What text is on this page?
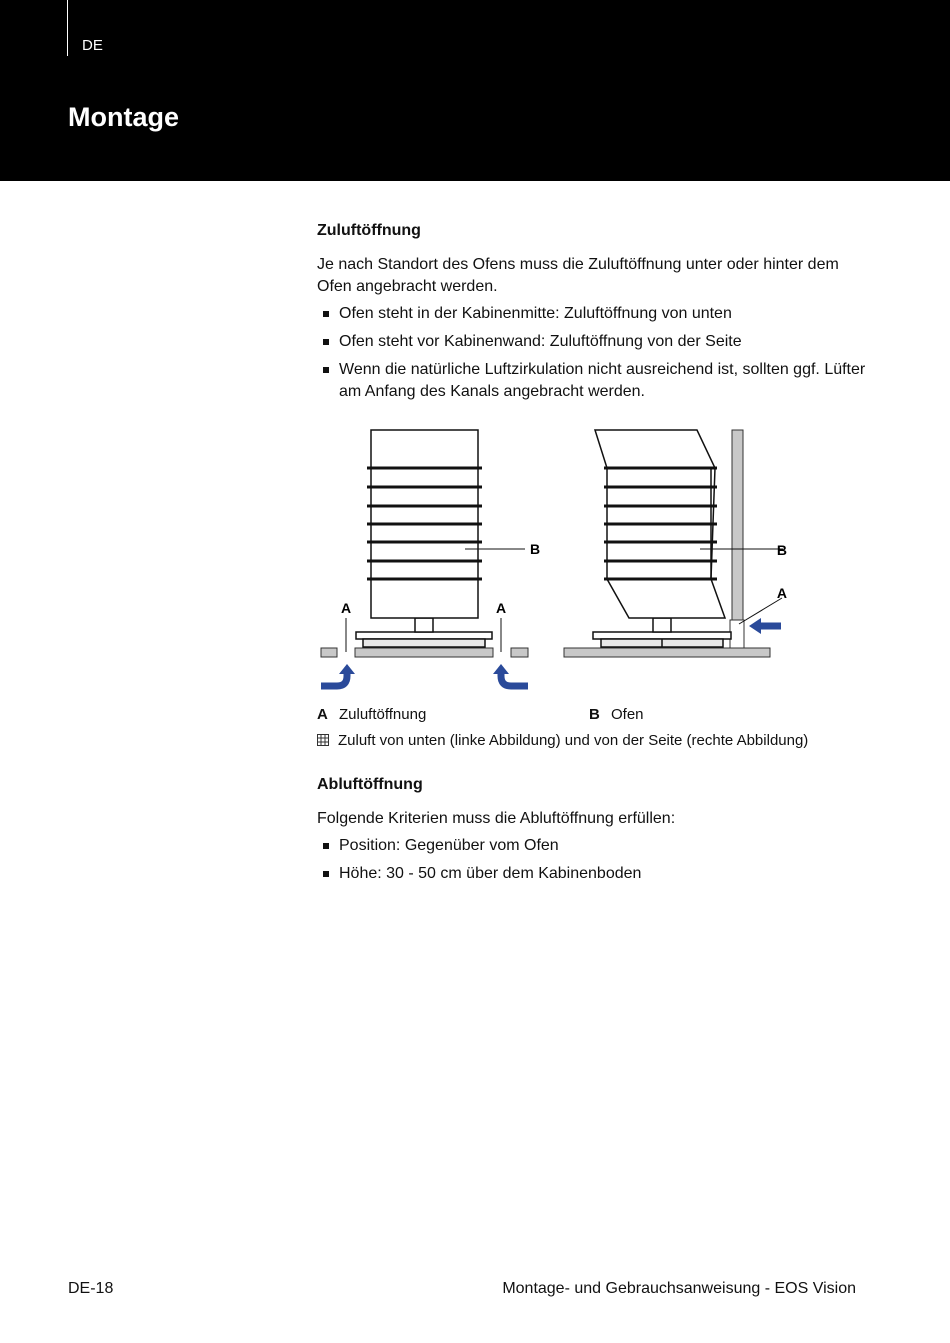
DE
Montage
Zuluftöffnung

Je nach Standort des Ofens muss die Zuluftöffnung unter oder hinter dem Ofen angebracht werden.

Ofen steht in der Kabinenmitte: Zuluftöffnung von unten
Ofen steht vor Kabinenwand: Zuluftöffnung von der Seite
Wenn die natürliche Luftzirkulation nicht ausreichend ist, sollten ggf. Lüfter am Anfang des Kanals angebracht werden.
B
A	A
B
A
A Zuluftöffnung	B Ofen
Zuluft von unten (linke Abbildung) und von der Seite (rechte Abbildung)
Abluftöffnung

Folgende Kriterien muss die Abluftöffnung erfüllen:

Position: Gegenüber vom Ofen
Höhe: 30 - 50 cm über dem Kabinenboden
DE-18	Montage- und Gebrauchsanweisung - EOS Vision
